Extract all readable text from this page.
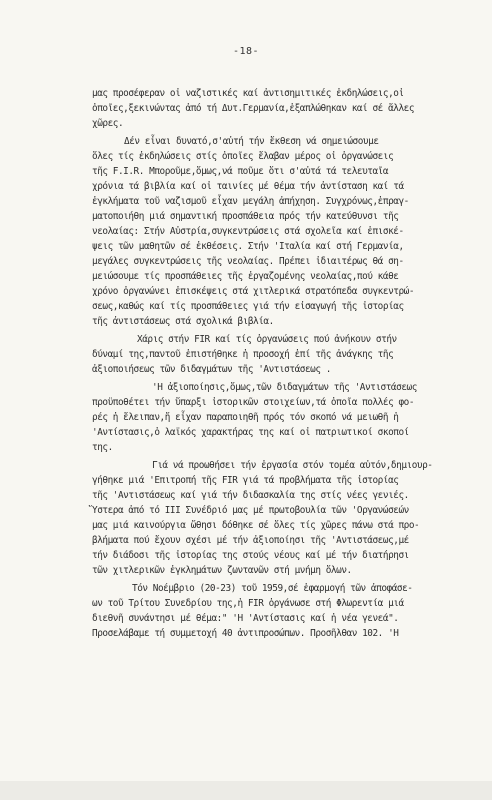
-18-
μας προσέφεραν οἱ ναζιστικές καί ἀντισημιτικές ἐκδηλώσεις,οἱ
ὁποῖες,ξεκινώντας ἀπό τή Δυτ.Γερμανία,ἐξαπλώθηκαν καί σέ ἄλλες
χῶρες.
Δέν εἶναι δυνατό,σ'αὐτή τήν ἔκθεση νά σημειώσουμε
ὅλες τίς ἐκδηλώσεις στίς ὁποῖες ἔλαβαν μέρος οἱ ὀργανώσεις
τῆς F.I.R. Μποροῦμε,ὅμως,νά ποῦμε ὅτι σ'αὐτά τά τελευταῖα
χρόνια τά βιβλία καί οἱ ταινίες μέ θέμα τήν ἀντίσταση καί τά
ἐγκλήματα τοῦ ναζισμοῦ εἶχαν μεγάλη ἀπήχηση. Συγχρόνως,ἐπραγ-
ματοποιήθη μιά σημαντική προσπάθεια πρός τήν κατεύθυνσι τῆς
νεολαίας: Στήν Αὐστρία,συγκεντρώσεις στά σχολεῖα καί ἐπισκέ-
ψεις τῶν μαθητῶν σέ ἐκθέσεις. Στήν 'Ιταλία καί στή Γερμανία,
μεγάλες συγκεντρώσεις τῆς νεολαίας. Πρέπει ἰδιαιτέρως θά ση-
μειώσουμε τίς προσπάθειες τῆς ἐργαζομένης νεολαίας,πού κάθε
χρόνο ὀργανώνει ἐπισκέψεις στά χιτλερικά στρατόπεδα συγκεντρώ-
σεως,καθώς καί τίς προσπάθειες γιά τήν εἰσαγωγή τῆς ἱστορίας
τῆς ἀντιστάσεως στά σχολικά βιβλία.
Χάρις στήν FIR καί τίς ὀργανώσεις πού ἀνήκουν στήν
δύναμί της,παντοῦ ἐπιστήθηκε ἡ προσοχή ἐπί τῆς ἀνάγκης τῆς
ἀξιοποιήσεως τῶν διδαγμάτων τῆς 'Αντιστάσεως .
'Η ἀξιοποίησις,ὅμως,τῶν διδαγμάτων τῆς 'Αντιστάσεως
προϋποθέτει τήν ὕπαρξι ἱστορικῶν στοιχείων,τά ὁποῖα πολλές φο-
ρές ἡ ἔλειπαν,ἤ εἶχαν παραποιηθῆ πρός τόν σκοπό νά μειωθῆ ἡ
'Αντίστασις,ὁ λαϊκός χαρακτήρας της καί οἱ πατριωτικοί σκοποί
της.
Γιά νά προωθήσει τήν ἐργασία στόν τομέα αὐτόν,δημιουρ-
γήθηκε μιά 'Επιτροπή τῆς FIR γιά τά προβλήματα τῆς ἱστορίας
τῆς 'Αντιστάσεως καί γιά τήν διδασκαλία της στίς νέες γενιές.
Ὕστερα ἀπό τό III Συνέδριό μας μέ πρωτοβουλία τῶν 'Οργανώσεών
μας μιά καινούργια ὤθησι δόθηκε σέ ὅλες τίς χῶρες πάνω στά προ-
βλήματα πού ἔχουν σχέσι μέ τήν ἀξιοποίησι τῆς 'Αντιστάσεως,μέ
τήν διάδοσι τῆς ἱστορίας της στούς νέους καί μέ τήν διατήρησι
τῶν χιτλερικῶν ἐγκλημάτων ζωντανῶν στή μνήμη ὅλων.
Τόν Νοέμβριο (20-23) τοῦ 1959,σέ ἐφαρμογή τῶν ἀποφάσε-
ων τοῦ Τρίτου Συνεδρίου της,ἡ FIR ὀργάνωσε στή Φλωρεντία μιά
διεθνῆ συνάντησι μέ θέμα:" 'Η 'Αντίστασις καί ἡ νέα γενεά".
Προσελάβαμε τή συμμετοχή 40 ἀντιπροσώπων. Προσῆλθαν 102. 'Η
